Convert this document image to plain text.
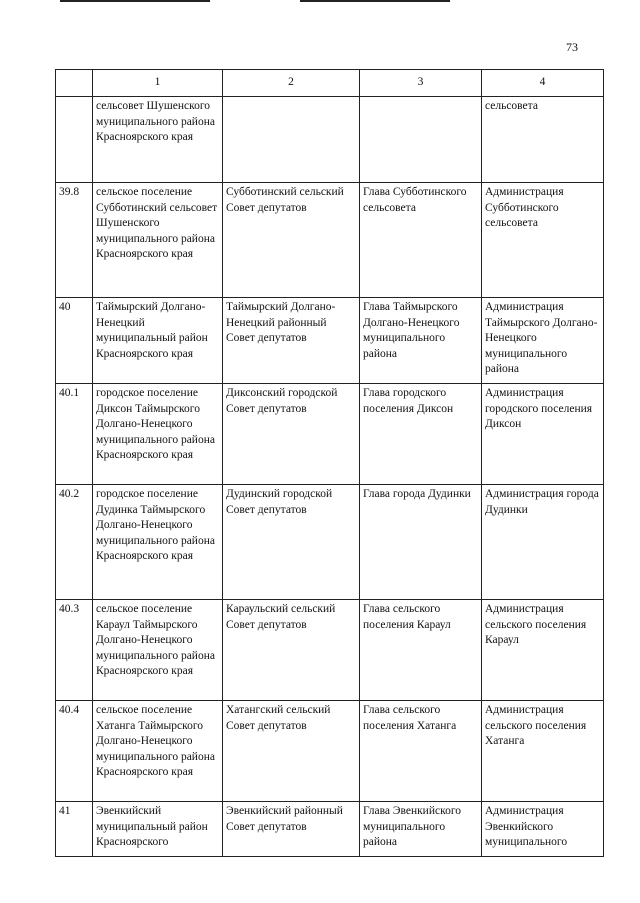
73
	1	2	3	4
	сельсовет Шушенского муниципального района Красноярского края			сельсовета
39.8	сельское поселение Субботинский сельсовет Шушенского муниципального района Красноярского края	Субботинский сельский Совет депутатов	Глава Субботинского сельсовета	Администрация Субботинского сельсовета
40	Таймырский Долгано-Ненецкий муниципальный район Красноярского края	Таймырский Долгано- Ненецкий районный Совет депутатов	Глава Таймырского Долгано-Ненецкого муниципального района	Администрация Таймырского Долгано-Ненецкого муниципального района
40.1	городское поселение Диксон Таймырского Долгано-Ненецкого муниципального района Красноярского края	Диксонский городской Совет депутатов	Глава городского поселения Диксон	Администрация городского поселения Диксон
40.2	городское поселение Дудинка Таймырского Долгано-Ненецкого муниципального района Красноярского края	Дудинский городской Совет депутатов	Глава города Дудинки	Администрация города Дудинки
40.3	сельское поселение Караул Таймырского Долгано-Ненецкого муниципального района Красноярского края	Караульский сельский Совет депутатов	Глава сельского поселения Караул	Администрация сельского поселения Караул
40.4	сельское поселение Хатанга Таймырского Долгано-Ненецкого муниципального района Красноярского края	Хатангский сельский Совет депутатов	Глава сельского поселения Хатанга	Администрация сельского поселения Хатанга
41	Эвенкийский муниципальный район Красноярского	Эвенкийский районный Совет депутатов	Глава Эвенкийского муниципального района	Администрация Эвенкийского муниципального
